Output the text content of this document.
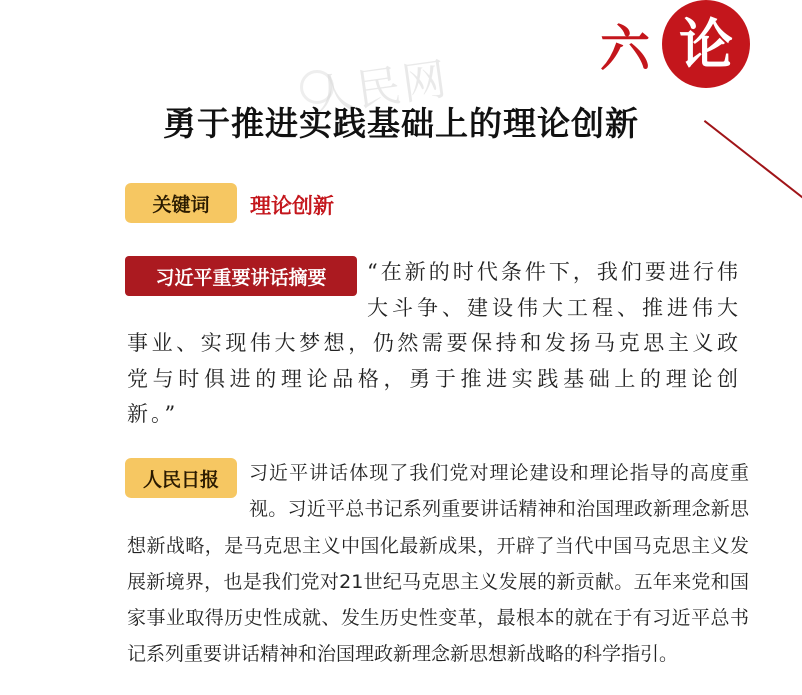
人民网
六 论
勇于推进实践基础上的理论创新
关键词	理论创新
习近平重要讲话摘要	“在新的时代条件下，我们要进行伟大斗争、建设伟大工程、推进伟大事业、实现伟大梦想，仍然需要保持和发扬马克思主义政党与时俱进的理论品格，勇于推进实践基础上的理论创新。”
人民日报	习近平讲话体现了我们党对理论建设和理论指导的高度重视。习近平总书记系列重要讲话精神和治国理政新理念新思想新战略，是马克思主义中国化最新成果，开辟了当代中国马克思主义发展新境界，也是我们党对21世纪马克思主义发展的新贡献。五年来党和国家事业取得历史性成就、发生历史性变革，最根本的就在于有习近平总书记系列重要讲话精神和治国理政新理念新思想新战略的科学指引。
